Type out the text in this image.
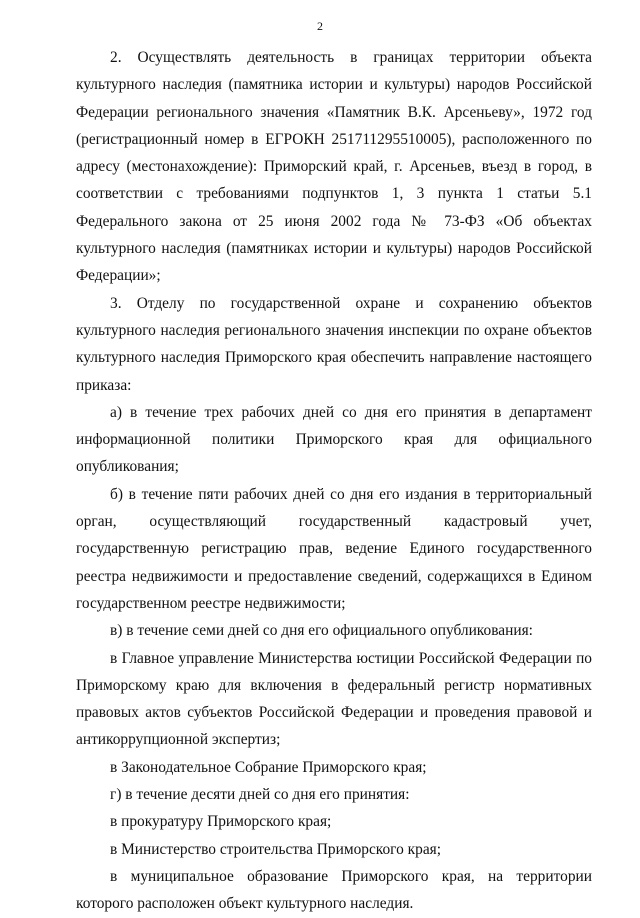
2

2. Осуществлять деятельность в границах территории объекта культурного наследия (памятника истории и культуры) народов Российской Федерации регионального значения «Памятник В.К. Арсеньеву», 1972 год (регистрационный номер в ЕГРОКН 251711295510005), расположенного по адресу (местонахождение): Приморский край, г. Арсеньев, въезд в город, в соответствии с требованиями подпунктов 1, 3 пункта 1 статьи 5.1 Федерального закона от 25 июня 2002 года № 73-ФЗ «Об объектах культурного наследия (памятниках истории и культуры) народов Российской Федерации»;

3. Отделу по государственной охране и сохранению объектов культурного наследия регионального значения инспекции по охране объектов культурного наследия Приморского края обеспечить направление настоящего приказа:

а) в течение трех рабочих дней со дня его принятия в департамент информационной политики Приморского края для официального опубликования;

б) в течение пяти рабочих дней со дня его издания в территориальный орган, осуществляющий государственный кадастровый учет, государственную регистрацию прав, ведение Единого государственного реестра недвижимости и предоставление сведений, содержащихся в Едином государственном реестре недвижимости;

в) в течение семи дней со дня его официального опубликования:

в Главное управление Министерства юстиции Российской Федерации по Приморскому краю для включения в федеральный регистр нормативных правовых актов субъектов Российской Федерации и проведения правовой и антикоррупционной экспертиз;

в Законодательное Собрание Приморского края;

г) в течение десяти дней со дня его принятия:

в прокуратуру Приморского края;

в Министерство строительства Приморского края;

в муниципальное образование Приморского края, на территории которого расположен объект культурного наследия.
